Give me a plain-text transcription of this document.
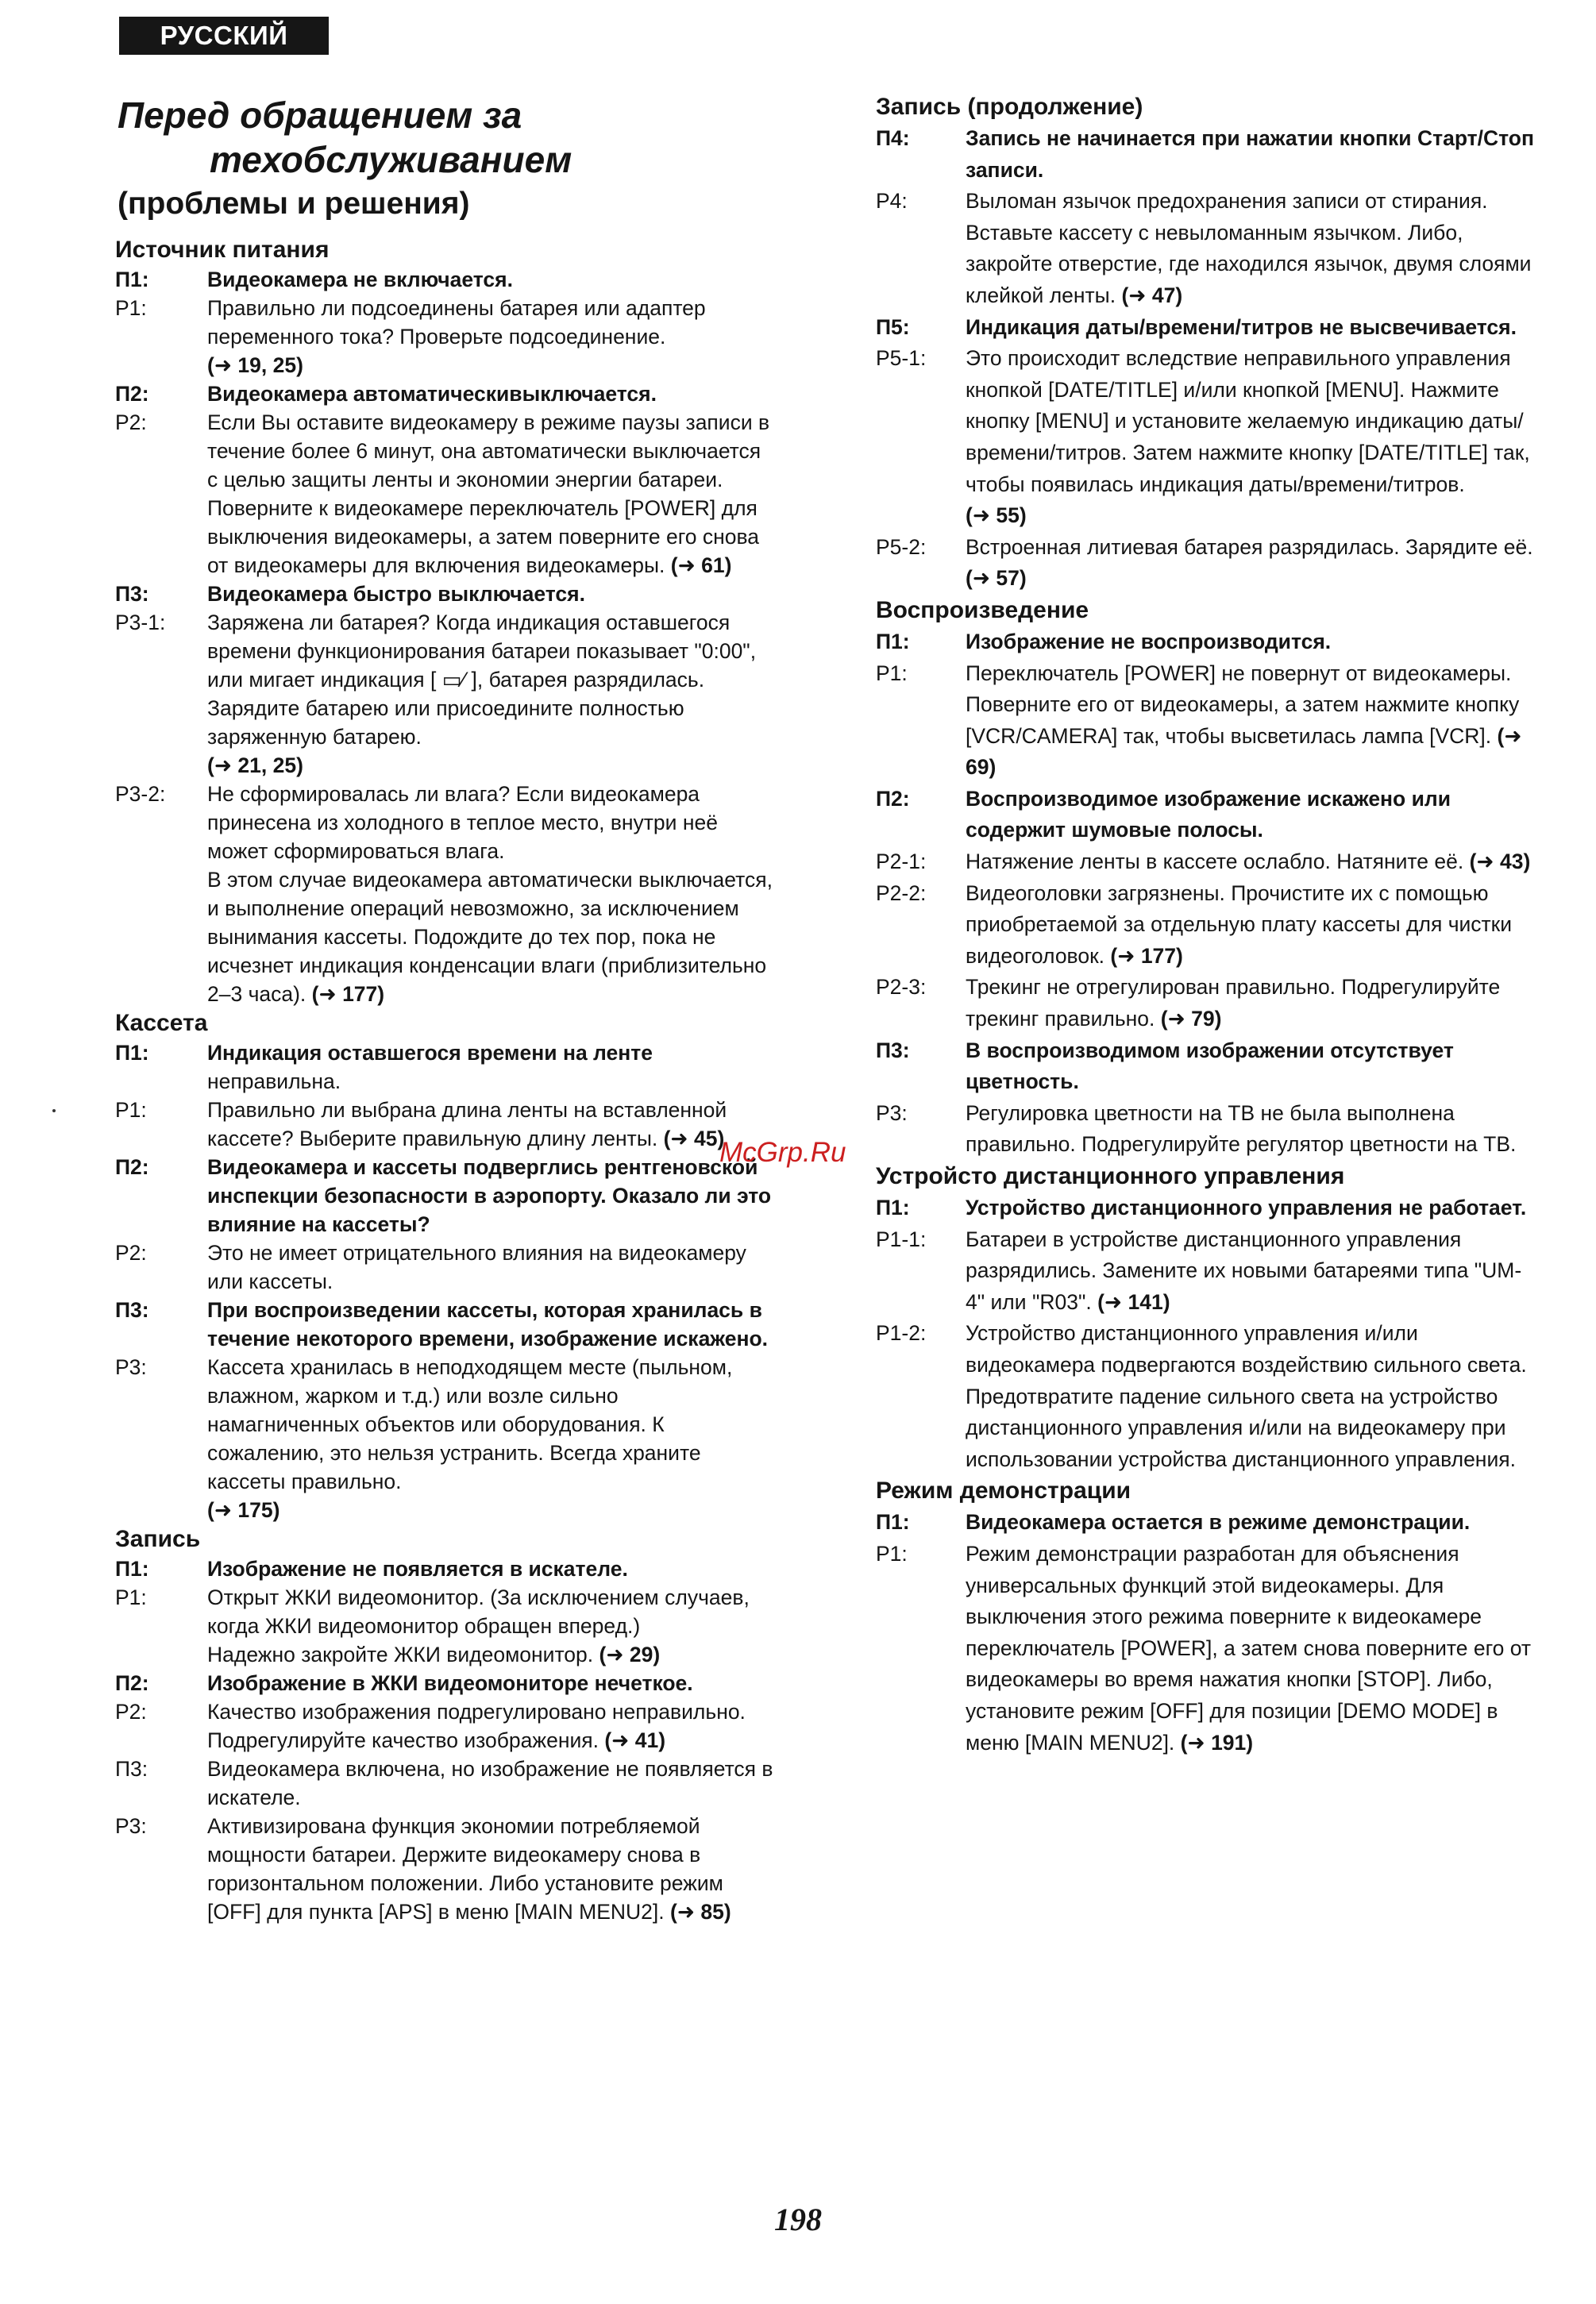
РУССКИЙ ЯЗЫК
Перед обращением за
техобслуживанием
(проблемы и решения)
Источник питания
П1:	Видеокамера не включается.
Р1:	Правильно ли подсоединены батарея или адаптер переменного тока? Проверьте подсоединение.
(➜ 19, 25)
П2:	Видеокамера автоматическивыключается.
Р2:	Если Вы оставите видеокамеру в режиме паузы записи в течение более 6 минут, она автоматически выключается с целью защиты ленты и экономии энергии батареи.
Поверните к видеокамере переключатель [POWER] для выключения видеокамеры, а затем поверните его снова от видеокамеры для включения видеокамеры. (➜ 61)
П3:	Видеокамера быстро выключается.
Р3-1:	Заряжена ли батарея? Когда индикация оставшегося времени функционирования батареи показывает "0:00", или мигает индикация [ ▭⁄ ], батарея разрядилась. Зарядите батарею или присоедините полностью заряженную батарею.
(➜ 21, 25)
Р3-2:	Не сформировалась ли влага? Если видеокамера принесена из холодного в теплое место, внутри неё может сформироваться влага.
В этом случае видеокамера автоматически выключается, и выполнение операций невозможно, за исключением вынимания кассеты. Подождите до тех пор, пока не исчезнет индикация конденсации влаги (приблизительно 2–3 часа). (➜ 177)
Кассета
П1:	Индикация оставшегося времени на ленте
неправильна.
Р1:	Правильно ли выбрана длина ленты на вставленной кассете? Выберите правильную длину ленты. (➜ 45)
П2:	Видеокамера и кассеты подверглись рентгеновской инспекции безопасности в аэропорту. Оказало ли это влияние на кассеты?
Р2:	Это не имеет отрицательного влияния на видеокамеру или кассеты.
П3:	При воспроизведении кассеты, которая хранилась в течение некоторого времени, изображение искажено.
Р3:	Кассета хранилась в неподходящем месте (пыльном, влажном, жарком и т.д.) или возле сильно намагниченных объектов или оборудования. К сожалению, это нельзя устранить. Всегда храните кассеты правильно.
(➜ 175)
Запись
П1:	Изображение не появляется в искателе.
Р1:	Открыт ЖКИ видеомонитор. (За исключением случаев, когда ЖКИ видеомонитор обращен вперед.)
Надежно закройте ЖКИ видеомонитор. (➜ 29)
П2:	Изображение в ЖКИ видеомониторе нечеткое.
Р2:	Качество изображения подрегулировано неправильно.
Подрегулируйте качество изображения. (➜ 41)
П3:	Видеокамера включена, но изображение не появляется в искателе.
Р3:	Активизирована функция экономии потребляемой мощности батареи. Держите видеокамеру снова в горизонтальном положении. Либо установите режим [OFF] для пункта [APS] в меню [MAIN MENU2]. (➜ 85)
Запись (продолжение)
П4:	Запись не начинается при нажатии кнопки Старт/Стоп записи.
Р4:	Выломан язычок предохранения записи от стирания. Вставьте кассету с невыломанным язычком. Либо, закройте отверстие, где находился язычок, двумя слоями клейкой ленты. (➜ 47)
П5:	Индикация даты/времени/титров не высвечивается.
Р5-1:	Это происходит вследствие неправильного управления кнопкой [DATE/TITLE] и/или кнопкой [MENU]. Нажмите кнопку [MENU] и установите желаемую индикацию даты/времени/титров. Затем нажмите кнопку [DATE/TITLE] так, чтобы появилась индикация даты/времени/титров.
(➜ 55)
Р5-2:	Встроенная литиевая батарея разрядилась. Зарядите её. (➜ 57)
Воспроизведение
П1:	Изображение не воспроизводится.
Р1:	Переключатель [POWER] не повернут от видеокамеры. Поверните его от видеокамеры, а затем нажмите кнопку [VCR/CAMERA] так, чтобы высветилась лампа [VCR]. (➜ 69)
П2:	Воспроизводимое изображение искажено или содержит шумовые полосы.
Р2-1:	Натяжение ленты в кассете ослабло. Натяните её. (➜ 43)
Р2-2:	Видеоголовки загрязнены. Прочистите их с помощью приобретаемой за отдельную плату кассеты для чистки видеоголовок. (➜ 177)
Р2-3:	Трекинг не отрегулирован правильно. Подрегулируйте трекинг правильно. (➜ 79)
П3:	В воспроизводимом изображении отсутствует цветность.
Р3:	Регулировка цветности на ТВ не была выполнена правильно. Подрегулируйте регулятор цветности на ТВ.
Устройсто дистанционного управления
П1:	Устройство дистанционного управления не работает.
Р1-1:	Батареи в устройстве дистанционного управления разрядились. Замените их новыми батареями типа "UM-4" или "R03". (➜ 141)
Р1-2:	Устройство дистанционного управления и/или видеокамера подвергаются воздействию сильного света. Предотвратите падение сильного света на устройство дистанционного управления и/или на видеокамеру при использовании устройства дистанционного управления.
Режим демонстрации
П1:	Видеокамера остается в режиме демонстрации.
Р1:	Режим демонстрации разработан для объяснения универсальных функций этой видеокамеры. Для выключения этого режима поверните к видеокамере переключатель [POWER], а затем снова поверните его от видеокамеры во время нажатия кнопки [STOP]. Либо, установите режим [OFF] для позиции [DEMO MODE] в меню [MAIN MENU2]. (➜ 191)
McGrp.Ru
198
